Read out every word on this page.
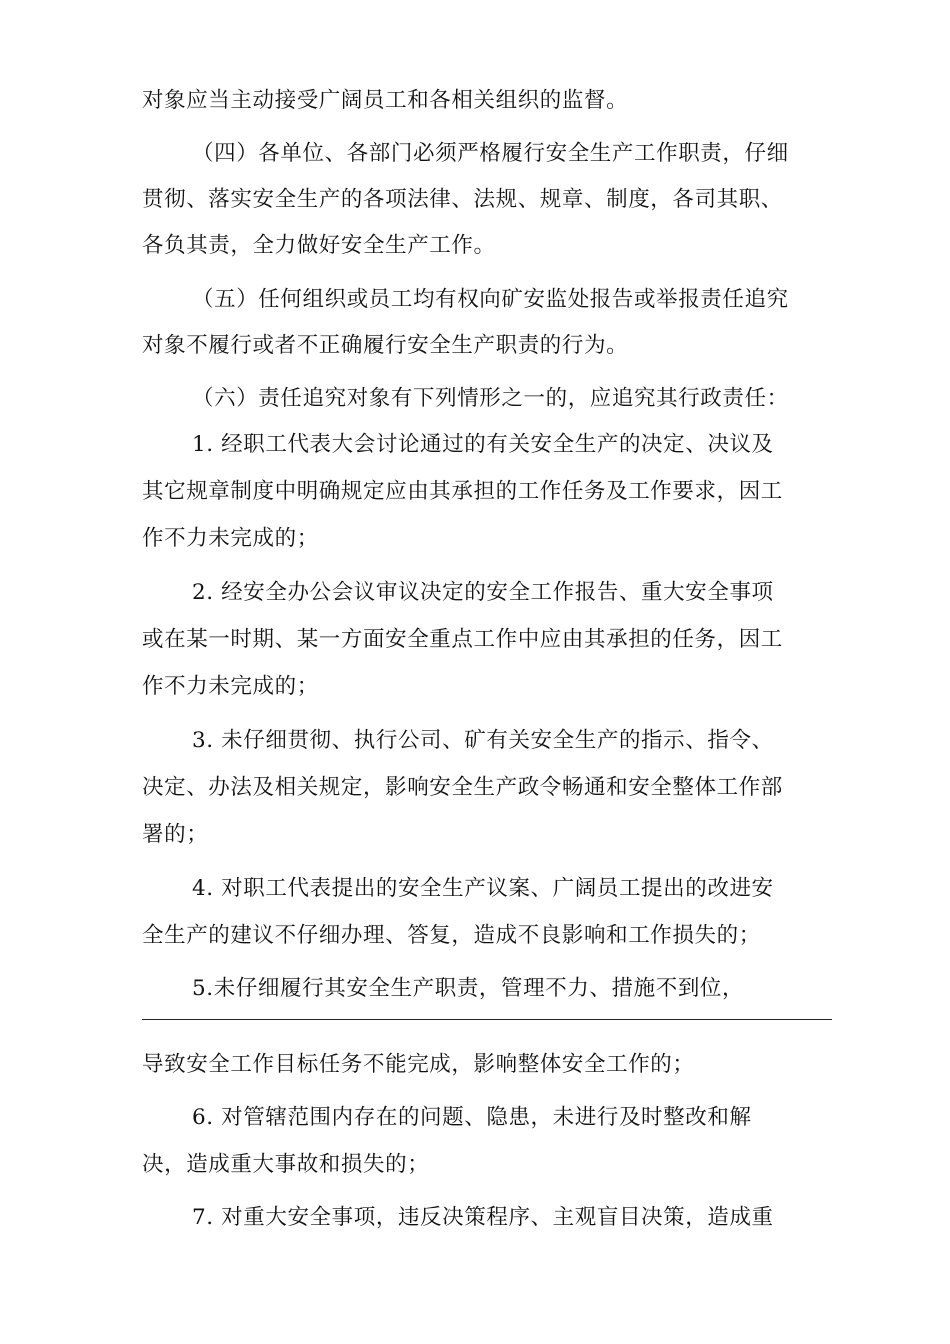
对象应当主动接受广阔员工和各相关组织的监督。
（四）各单位、各部门必须严格履行安全生产工作职责，仔细
贯彻、落实安全生产的各项法律、法规、规章、制度，各司其职、
各负其责，全力做好安全生产工作。
（五）任何组织或员工均有权向矿安监处报告或举报责任追究
对象不履行或者不正确履行安全生产职责的行为。
（六）责任追究对象有下列情形之一的，应追究其行政责任：
1. 经职工代表大会讨论通过的有关安全生产的决定、决议及
其它规章制度中明确规定应由其承担的工作任务及工作要求，因工
作不力未完成的；
2. 经安全办公会议审议决定的安全工作报告、重大安全事项
或在某一时期、某一方面安全重点工作中应由其承担的任务，因工
作不力未完成的；
3. 未仔细贯彻、执行公司、矿有关安全生产的指示、指令、
决定、办法及相关规定，影响安全生产政令畅通和安全整体工作部
署的；
4. 对职工代表提出的安全生产议案、广阔员工提出的改进安
全生产的建议不仔细办理、答复，造成不良影响和工作损失的；
5.未仔细履行其安全生产职责，管理不力、措施不到位，
导致安全工作目标任务不能完成，影响整体安全工作的；
6. 对管辖范围内存在的问题、隐患，未进行及时整改和解
决，造成重大事故和损失的；
7. 对重大安全事项，违反决策程序、主观盲目决策，造成重
